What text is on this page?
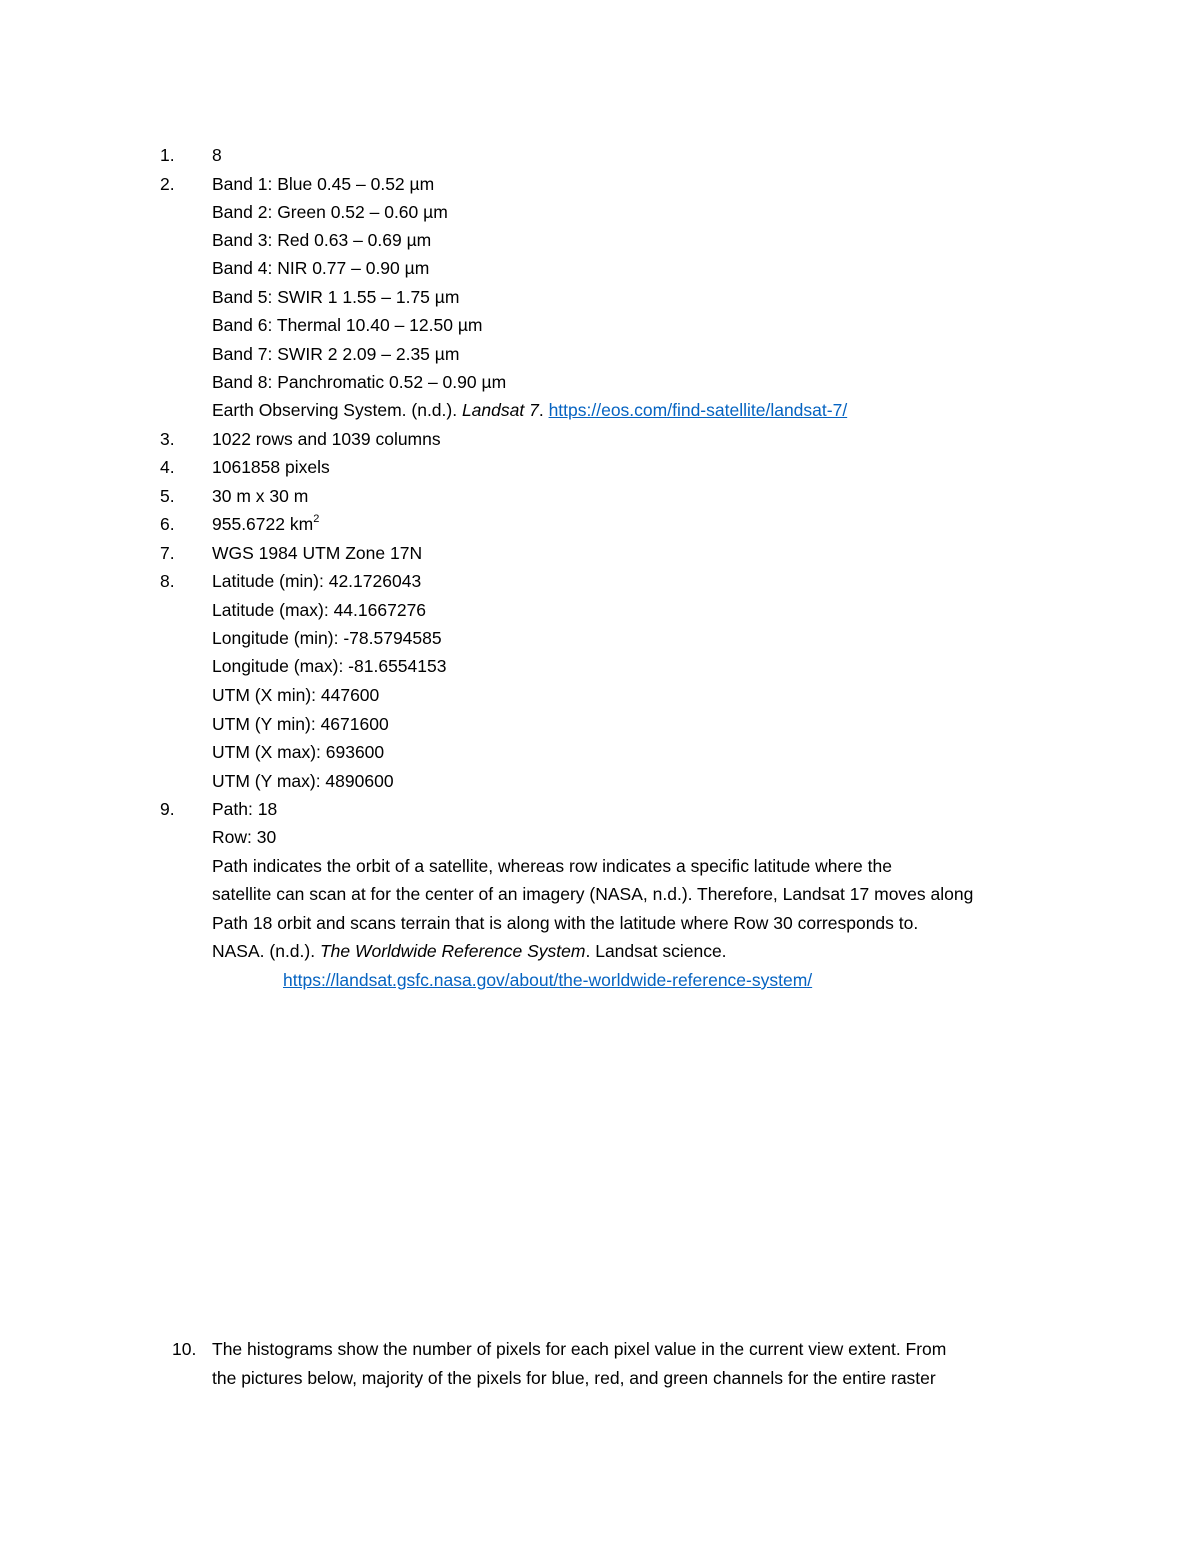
1.	8
2.	Band 1: Blue 0.45 – 0.52 µm
Band 2: Green 0.52 – 0.60 µm
Band 3: Red 0.63 – 0.69 µm
Band 4: NIR 0.77 – 0.90 µm
Band 5: SWIR 1 1.55 – 1.75 µm
Band 6: Thermal 10.40 – 12.50 µm
Band 7: SWIR 2 2.09 – 2.35 µm
Band 8: Panchromatic 0.52 – 0.90 µm
Earth Observing System. (n.d.). Landsat 7. https://eos.com/find-satellite/landsat-7/
3.	1022 rows and 1039 columns
4.	1061858 pixels
5.	30 m x 30 m
6.	955.6722 $km^2$
7.	WGS 1984 UTM Zone 17N
8.	Latitude (min): 42.1726043
Latitude (max): 44.1667276
Longitude (min): -78.5794585
Longitude (max): -81.6554153
UTM (X min): 447600
UTM (Y min): 4671600
UTM (X max): 693600
UTM (Y max): 4890600
9.	Path: 18
Row: 30
Path indicates the orbit of a satellite, whereas row indicates a specific latitude where the
satellite can scan at for the center of an imagery (NASA, n.d.). Therefore, Landsat 17 moves along
Path 18 orbit and scans terrain that is along with the latitude where Row 30 corresponds to.
NASA. (n.d.). The Worldwide Reference System. Landsat science.
https://landsat.gsfc.nasa.gov/about/the-worldwide-reference-system/
10. The histograms show the number of pixels for each pixel value in the current view extent. From
the pictures below, majority of the pixels for blue, red, and green channels for the entire raster
